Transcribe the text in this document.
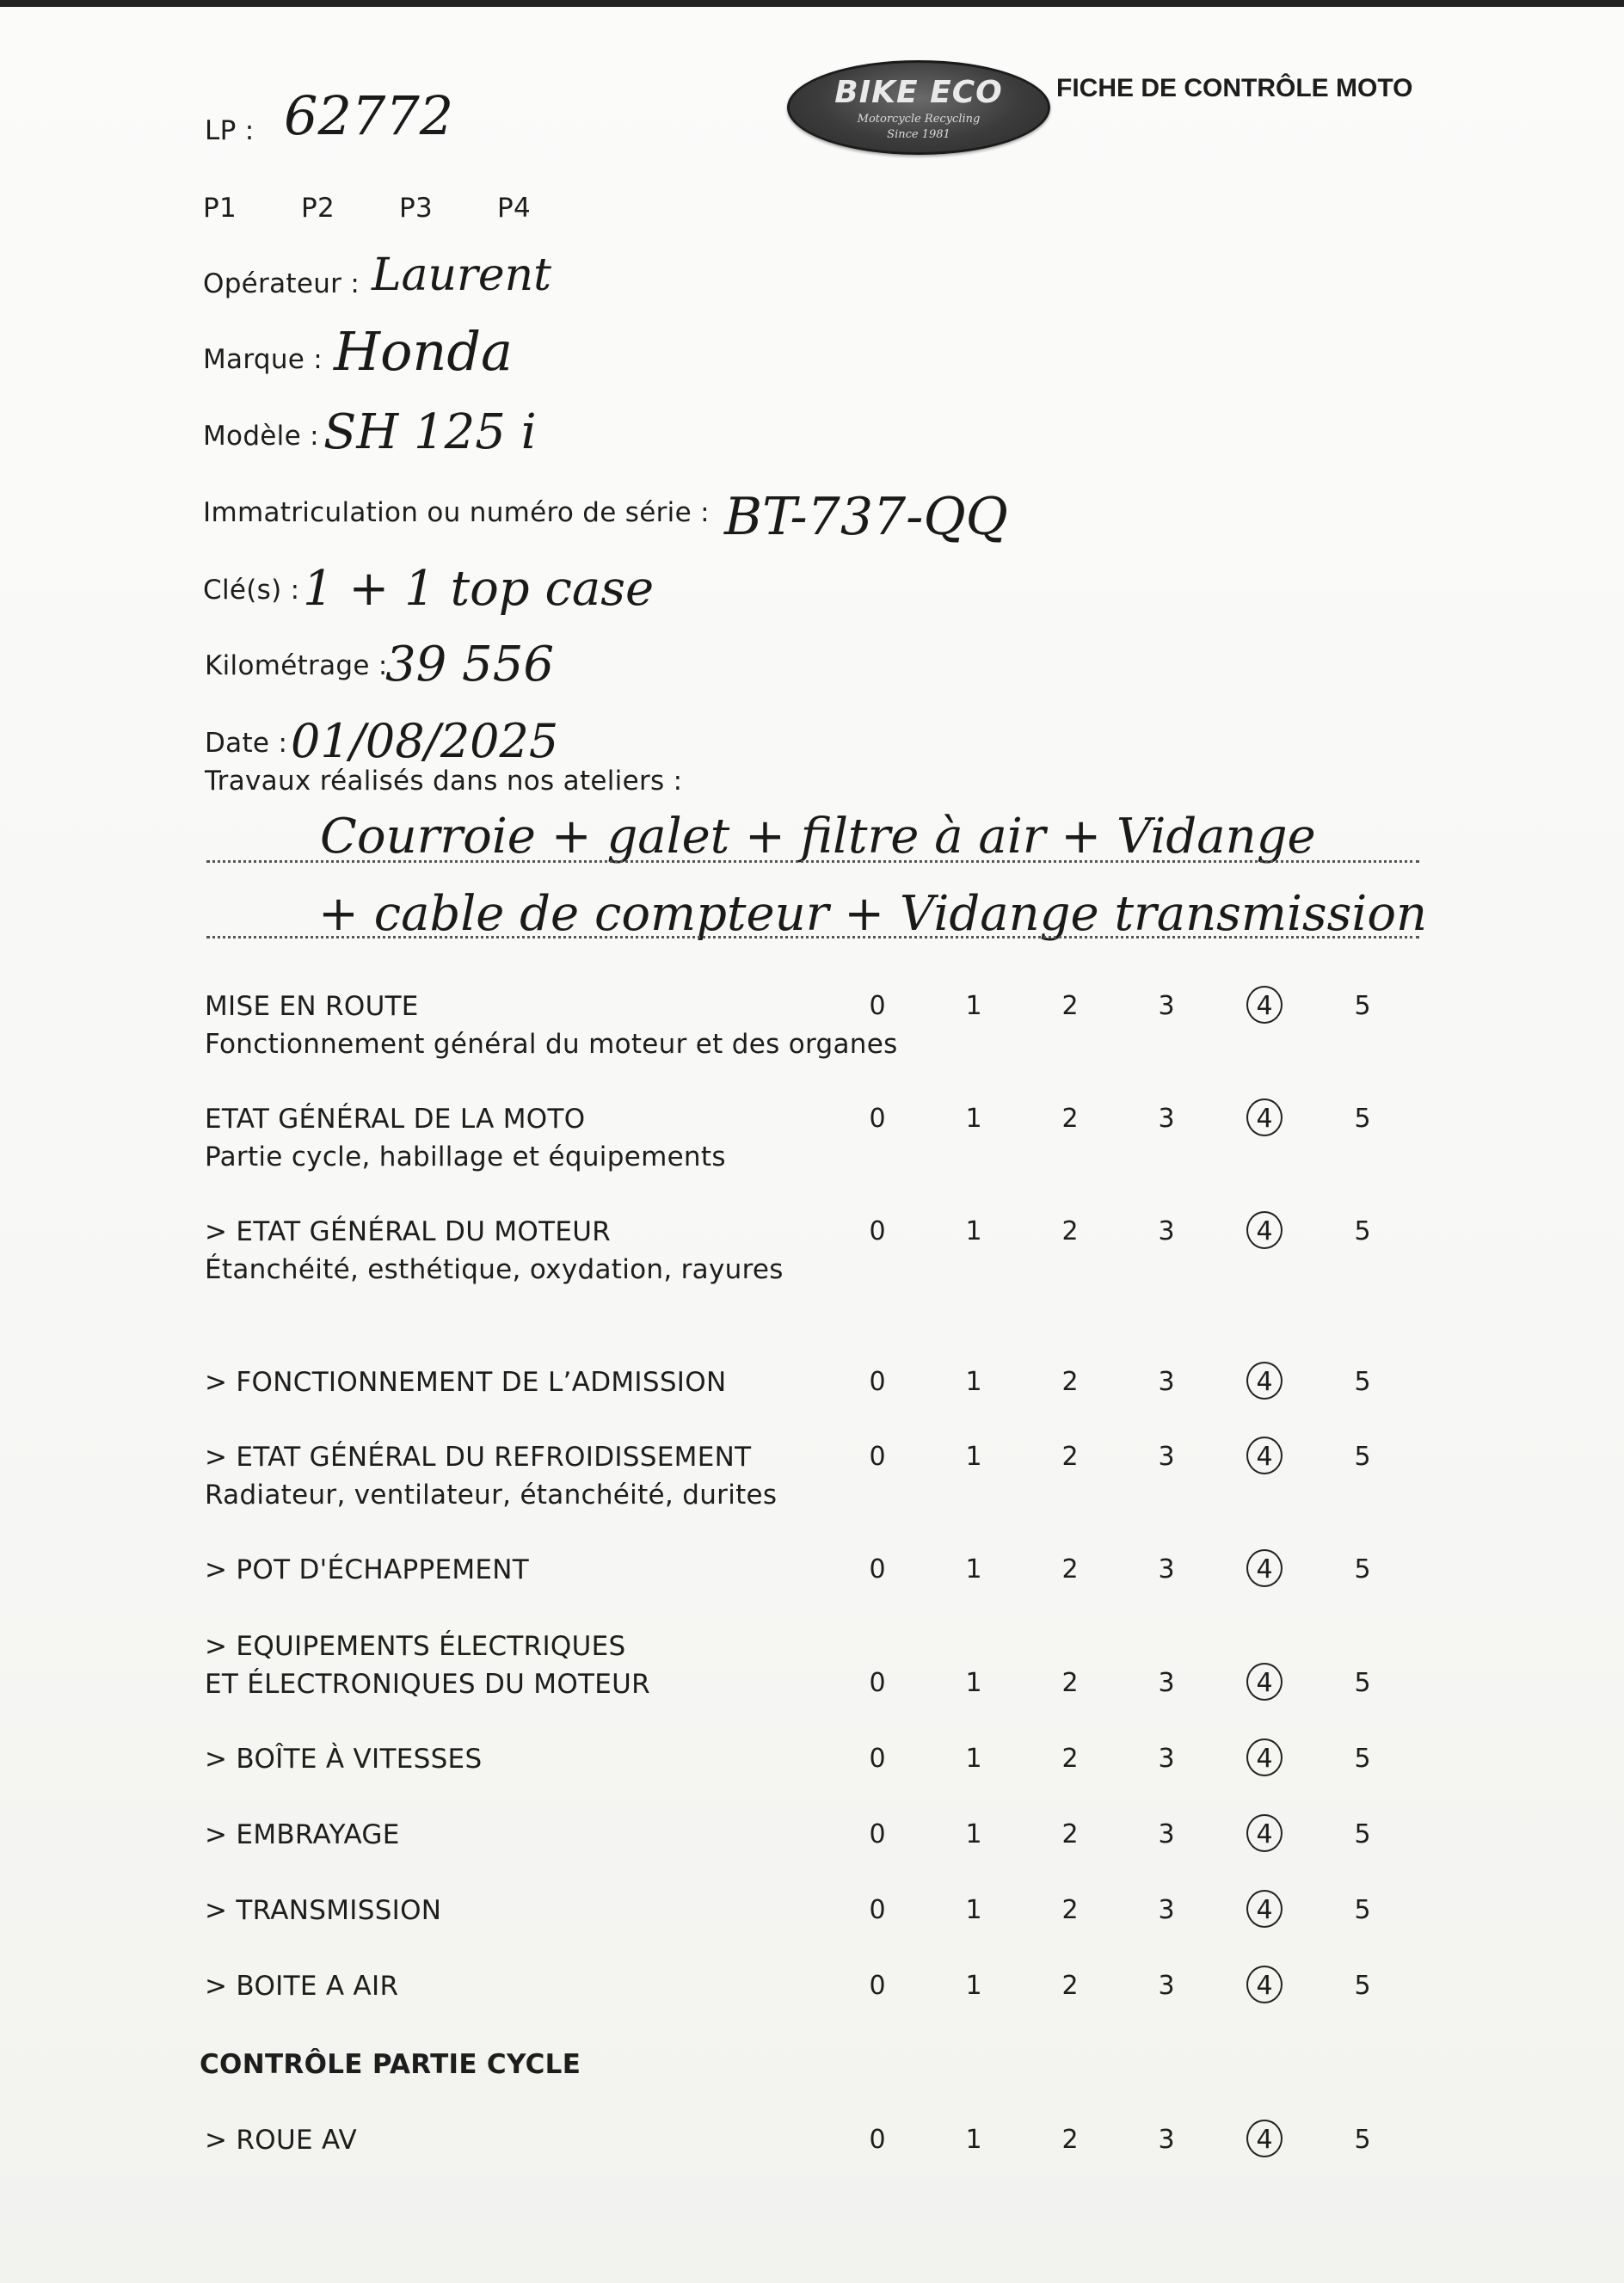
BIKE ECO
Motorcycle Recycling
Since 1981
FICHE DE CONTRÔLE MOTO
LP : 62772
P1 P2 P3 P4
Opérateur : Laurent
Marque : Honda
Modèle : SH 125 i
Immatriculation ou numéro de série : BT-737-QQ
Clé(s) : 1 + 1 top case
Kilométrage :
39 556
Date : 01/08/2025
Travaux réalisés dans nos ateliers :
Courroie + galet + filtre à air + Vidange
+ cable de compteur + Vidange transmission
MISE EN ROUTE
Fonctionnement général du moteur et des organes
0	1	2	3	4	5
ETAT GÉNÉRAL DE LA MOTO
Partie cycle, habillage et équipements
0	1	2	3	4	5
> ETAT GÉNÉRAL DU MOTEUR
Étanchéité, esthétique, oxydation, rayures
0	1	2	3	4	5
> FONCTIONNEMENT DE L’ADMISSION	0	1	2	3	4	5
> ETAT GÉNÉRAL DU REFROIDISSEMENT
Radiateur, ventilateur, étanchéité, durites
0	1	2	3	4	5
> POT D'ÉCHAPPEMENT	0	1	2	3	4	5
> EQUIPEMENTS ÉLECTRIQUES
ET ÉLECTRONIQUES DU MOTEUR	0	1	2	3	4	5
> BOÎTE À VITESSES	0	1	2	3	4	5
> EMBRAYAGE	0	1	2	3	4	5
> TRANSMISSION	0	1	2	3	4	5
> BOITE A AIR	0	1	2	3	4	5
CONTRÔLE PARTIE CYCLE
> ROUE AV	0	1	2	3	4	5
